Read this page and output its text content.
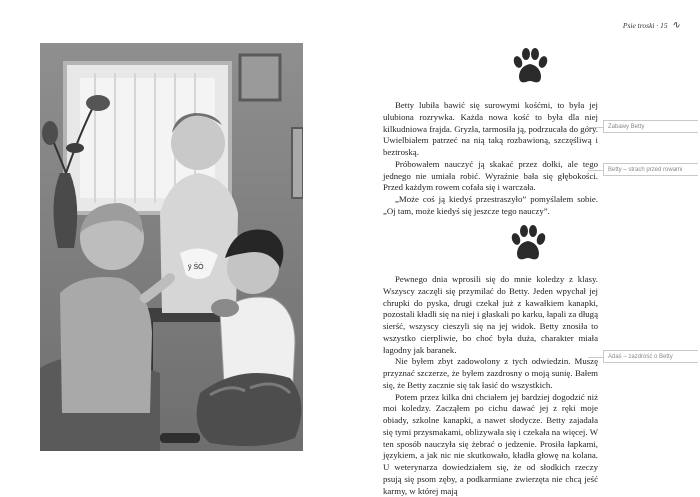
ÿ ŚÓ
Psie troski · 15 ∿

Betty lubiła bawić się surowymi kośćmi, to była jej ulubiona rozrywka. Każda nowa kość to była dla niej kilkudniowa frajda. Gryzła, tarmosiła ją, podrzucała do góry. Uwielbiałem patrzeć na nią taką rozbawioną, szczęśliwą i beztroską.

Próbowałem nauczyć ją skakać przez dołki, ale tego jednego nie umiała robić. Wyraźnie bała się głębokości. Przed każdym rowem cofała się i warczała.

„Może coś ją kiedyś przestraszyło” pomyślałem sobie. „Oj tam, może kiedyś się jeszcze tego nauczy”.

Pewnego dnia wprosili się do mnie koledzy z klasy. Wszyscy zaczęli się przymilać do Betty. Jeden wpychał jej chrupki do pyska, drugi czekał już z kawałkiem kanapki, pozostali kładli się na niej i głaskali po karku, łapali za długą sierść, wszyscy cieszyli się na jej widok. Betty znosiła to wszystko cierpliwie, bo choć była duża, charakter miała łagodny jak baranek.

Nie byłem zbyt zadowolony z tych odwiedzin. Muszę przyznać szczerze, że byłem zazdrosny o moją sunię. Bałem się, że Betty zacznie się tak łasić do wszystkich.

Potem przez kilka dni chciałem jej bardziej dogodzić niż moi koledzy. Zacząłem po cichu dawać jej z ręki moje obiady, szkolne kanapki, a nawet słodycze. Betty zajadała się tymi przysmakami, oblizywała się i czekała na więcej. W ten sposób nauczyła się żebrać o jedzenie. Prosiła łapkami, językiem, a jak nic nie skutkowało, kładła głowę na kolana. U weterynarza dowiedziałem się, że od słodkich rzeczy psują się psom zęby, a podkarmiane zwierzęta nie chcą jeść karmy, w której mają

Zabawy Betty
Betty – strach przed rowami
Adaś – zazdrość o Betty
